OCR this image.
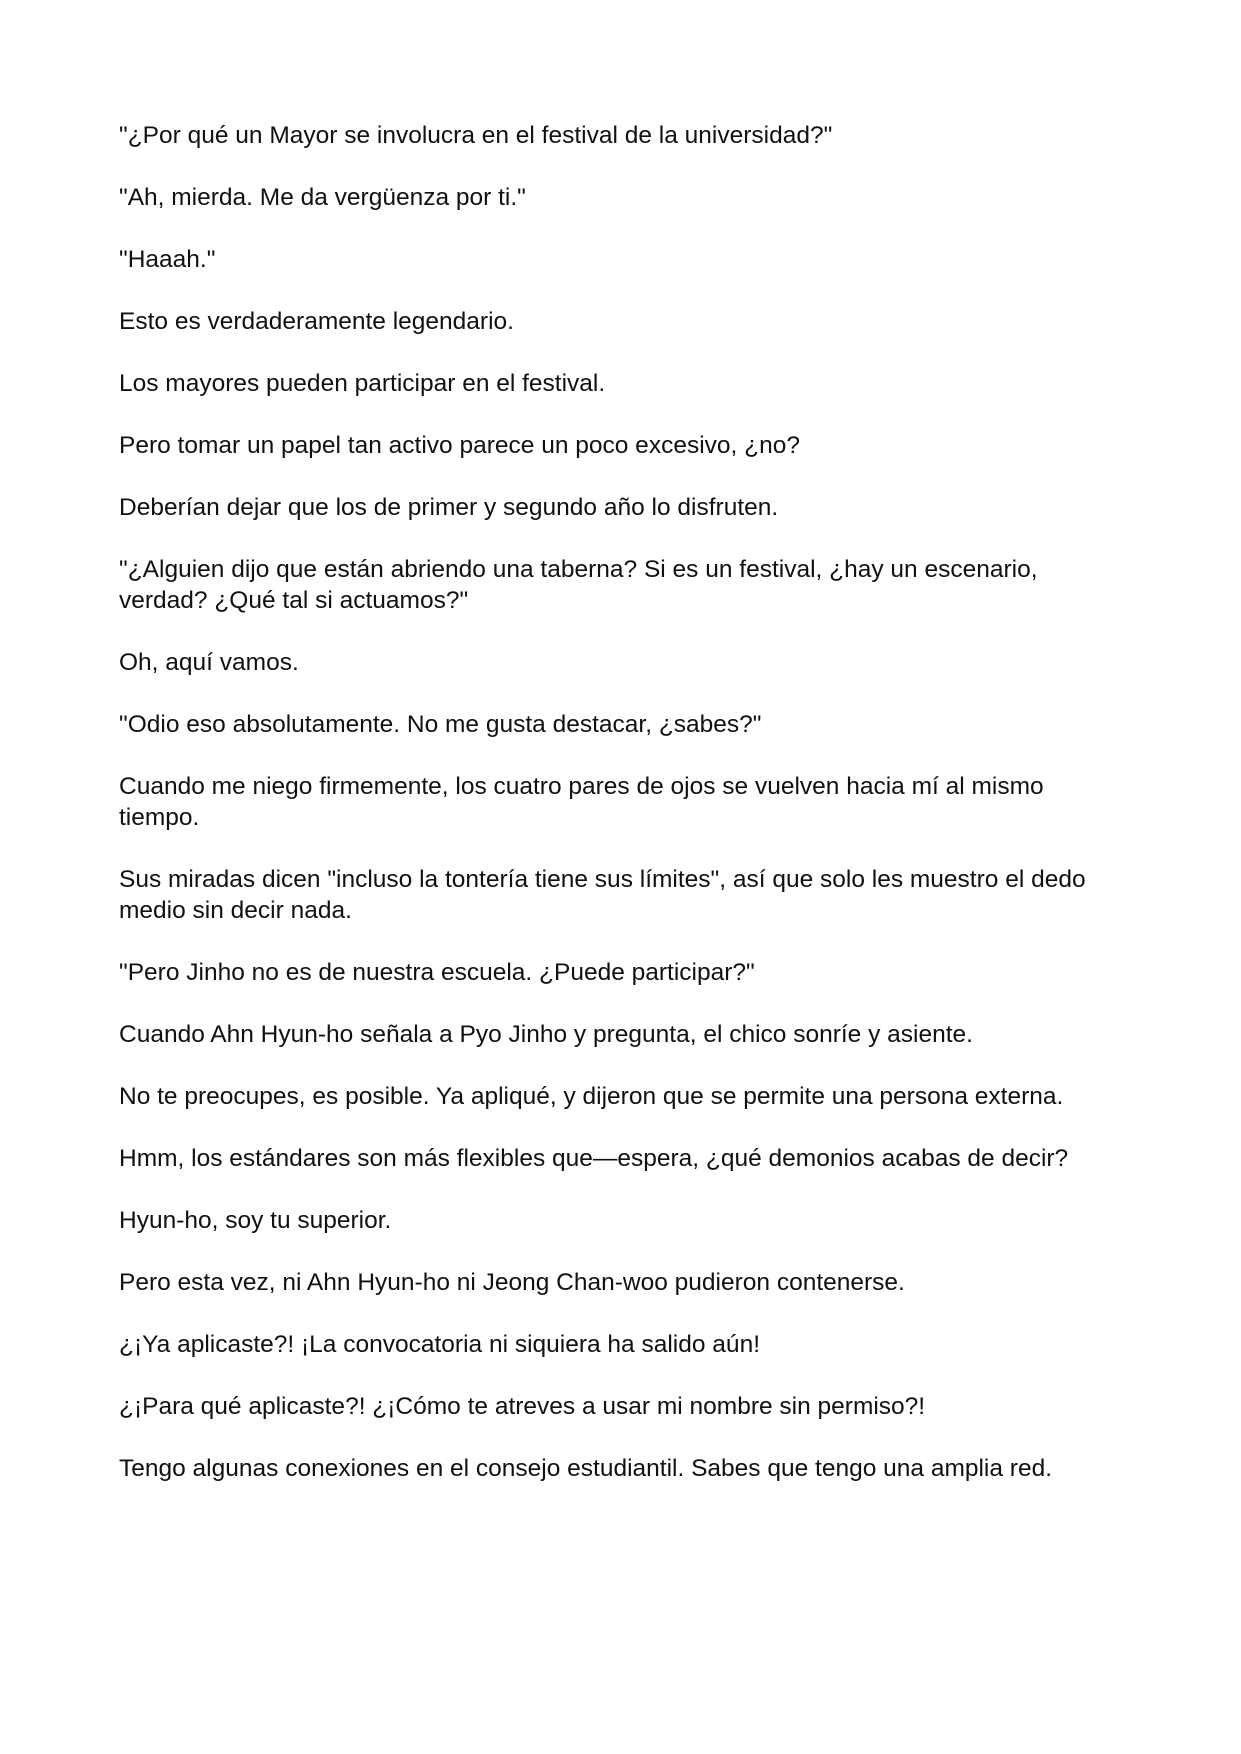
"¿Por qué un Mayor se involucra en el festival de la universidad?"

"Ah, mierda. Me da vergüenza por ti."

"Haaah."

Esto es verdaderamente legendario.

Los mayores pueden participar en el festival.

Pero tomar un papel tan activo parece un poco excesivo, ¿no?

Deberían dejar que los de primer y segundo año lo disfruten.

"¿Alguien dijo que están abriendo una taberna? Si es un festival, ¿hay un escenario, verdad? ¿Qué tal si actuamos?"

Oh, aquí vamos.

"Odio eso absolutamente. No me gusta destacar, ¿sabes?"

Cuando me niego firmemente, los cuatro pares de ojos se vuelven hacia mí al mismo tiempo.

Sus miradas dicen "incluso la tontería tiene sus límites", así que solo les muestro el dedo medio sin decir nada.

"Pero Jinho no es de nuestra escuela. ¿Puede participar?"

Cuando Ahn Hyun-ho señala a Pyo Jinho y pregunta, el chico sonríe y asiente.

No te preocupes, es posible. Ya apliqué, y dijeron que se permite una persona externa.

Hmm, los estándares son más flexibles que—espera, ¿qué demonios acabas de decir?

Hyun-ho, soy tu superior.

Pero esta vez, ni Ahn Hyun-ho ni Jeong Chan-woo pudieron contenerse.

¿¡Ya aplicaste?! ¡La convocatoria ni siquiera ha salido aún!

¿¡Para qué aplicaste?! ¿¡Cómo te atreves a usar mi nombre sin permiso?!

Tengo algunas conexiones en el consejo estudiantil. Sabes que tengo una amplia red.
